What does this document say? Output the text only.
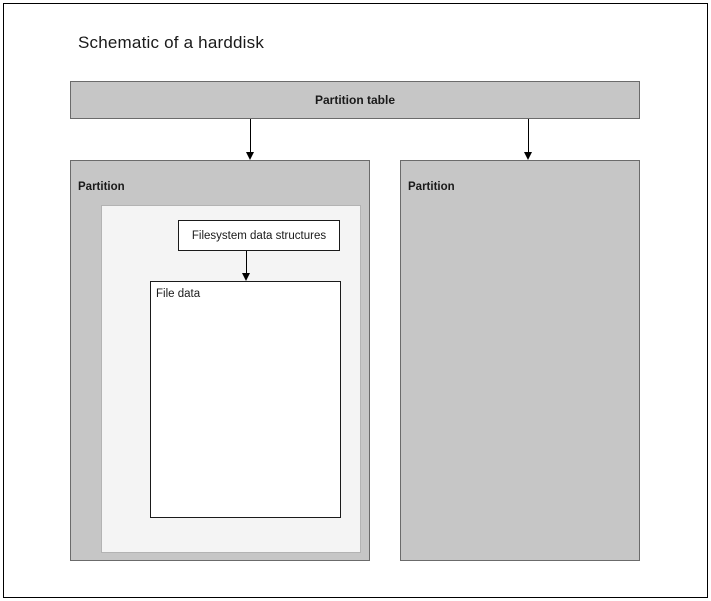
Schematic of a harddisk
Partition table
Partition
Filesystem data structures
File data
Partition
